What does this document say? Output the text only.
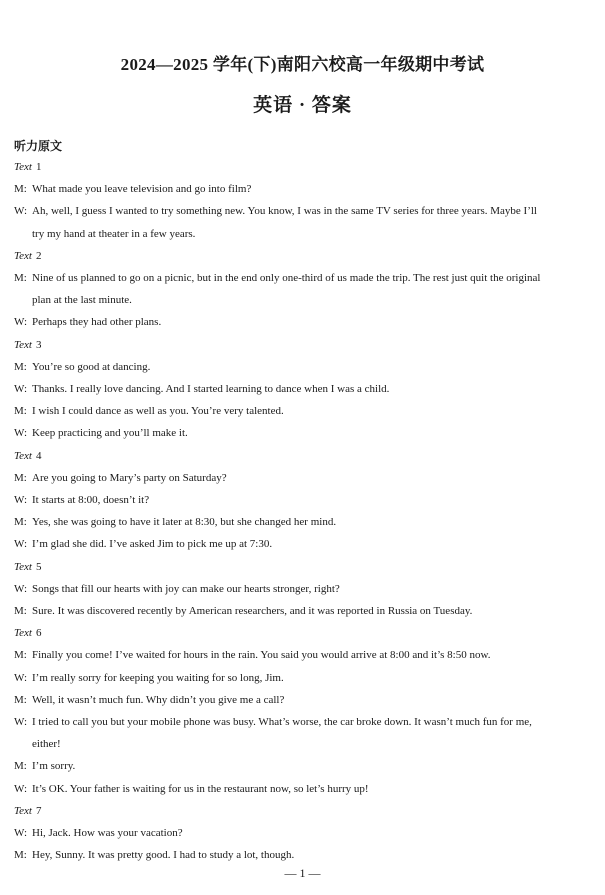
2024—2025 学年(下)南阳六校高一年级期中考试
英语 · 答案
听力原文
Text 1
M: What made you leave television and go into film?
W: Ah, well, I guess I wanted to try something new. You know, I was in the same TV series for three years. Maybe I’ll
try my hand at theater in a few years.
Text 2
M: Nine of us planned to go on a picnic, but in the end only one-third of us made the trip. The rest just quit the original
plan at the last minute.
W: Perhaps they had other plans.
Text 3
M: You’re so good at dancing.
W: Thanks. I really love dancing. And I started learning to dance when I was a child.
M: I wish I could dance as well as you. You’re very talented.
W: Keep practicing and you’ll make it.
Text 4
M: Are you going to Mary’s party on Saturday?
W: It starts at 8:00, doesn’t it?
M: Yes, she was going to have it later at 8:30, but she changed her mind.
W: I’m glad she did. I’ve asked Jim to pick me up at 7:30.
Text 5
W: Songs that fill our hearts with joy can make our hearts stronger, right?
M: Sure. It was discovered recently by American researchers, and it was reported in Russia on Tuesday.
Text 6
M: Finally you come! I’ve waited for hours in the rain. You said you would arrive at 8:00 and it’s 8:50 now.
W: I’m really sorry for keeping you waiting for so long, Jim.
M: Well, it wasn’t much fun. Why didn’t you give me a call?
W: I tried to call you but your mobile phone was busy. What’s worse, the car broke down. It wasn’t much fun for me,
either!
M: I’m sorry.
W: It’s OK. Your father is waiting for us in the restaurant now, so let’s hurry up!
Text 7
W: Hi, Jack. How was your vacation?
M: Hey, Sunny. It was pretty good. I had to study a lot, though.
— 1 —
